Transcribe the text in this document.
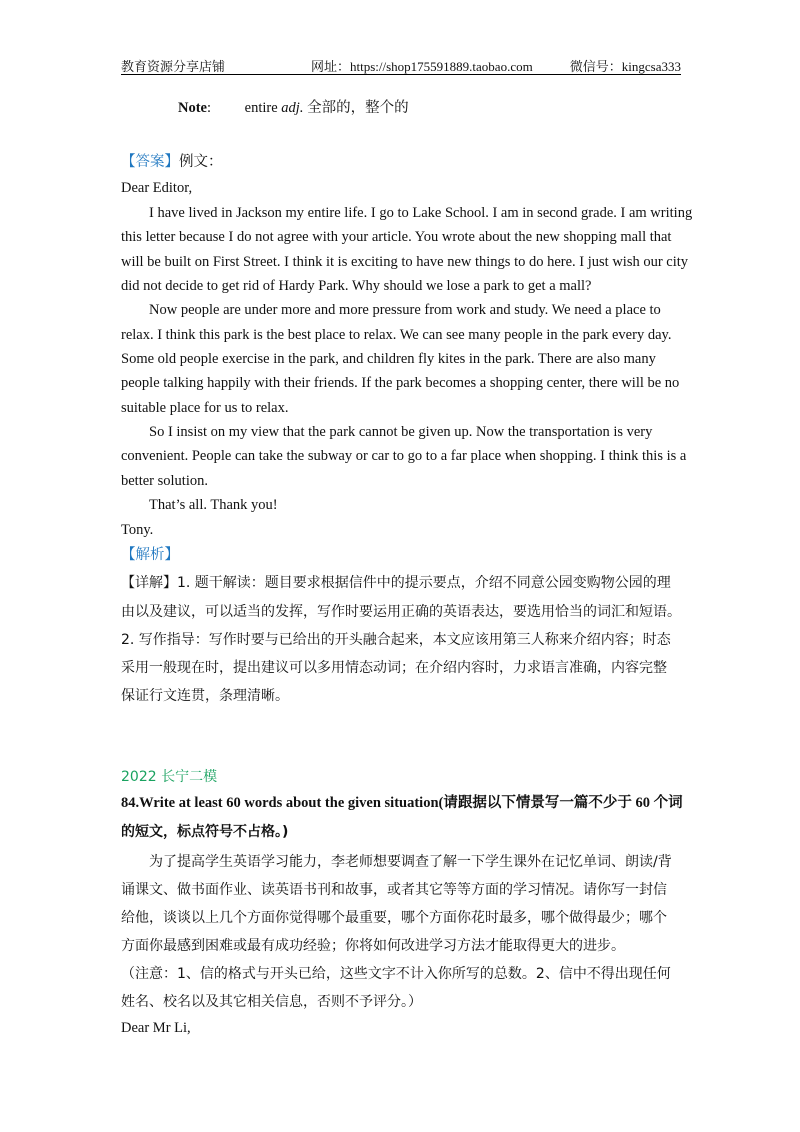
教育资源分享店铺	网址：https://shop175591889.taobao.com	微信号：kingcsa333
Note: entire adj. 全部的，整个的
【答案】例文：
Dear Editor,
I have lived in Jackson my entire life. I go to Lake School. I am in second grade. I am writing
this letter because I do not agree with your article. You wrote about the new shopping mall that
will be built on First Street. I think it is exciting to have new things to do here. I just wish our city
did not decide to get rid of Hardy Park. Why should we lose a park to get a mall?
Now people are under more and more pressure from work and study. We need a place to
relax. I think this park is the best place to relax. We can see many people in the park every day.
Some old people exercise in the park, and children fly kites in the park. There are also many
people talking happily with their friends. If the park becomes a shopping center, there will be no
suitable place for us to relax.
So I insist on my view that the park cannot be given up. Now the transportation is very
convenient. People can take the subway or car to go to a far place when shopping. I think this is a
better solution.
That’s all. Thank you!
Tony.
【解析】
【详解】1. 题干解读：题目要求根据信件中的提示要点，介绍不同意公园变购物公园的理
由以及建议，可以适当的发挥，写作时要运用正确的英语表达，要选用恰当的词汇和短语。
2. 写作指导：写作时要与已给出的开头融合起来，本文应该用第三人称来介绍内容；时态
采用一般现在时，提出建议可以多用情态动词；在介绍内容时，力求语言准确，内容完整
保证行文连贯，条理清晰。
2022 长宁二模
84.Write at least 60 words about the given situation(请跟据以下情景写一篇不少于 60 个词
的短文，标点符号不占格。)
为了提高学生英语学习能力，李老师想要调查了解一下学生课外在记忆单词、朗读/背
诵课文、做书面作业、读英语书刊和故事，或者其它等等方面的学习情况。请你写一封信
给他，谈谈以上几个方面你觉得哪个最重要，哪个方面你花时最多，哪个做得最少；哪个
方面你最感到困难或最有成功经验；你将如何改进学习方法才能取得更大的进步。
（注意：1、信的格式与开头已给，这些文字不计入你所写的总数。2、信中不得出现任何
姓名、校名以及其它相关信息，否则不予评分。）
Dear Mr Li,
